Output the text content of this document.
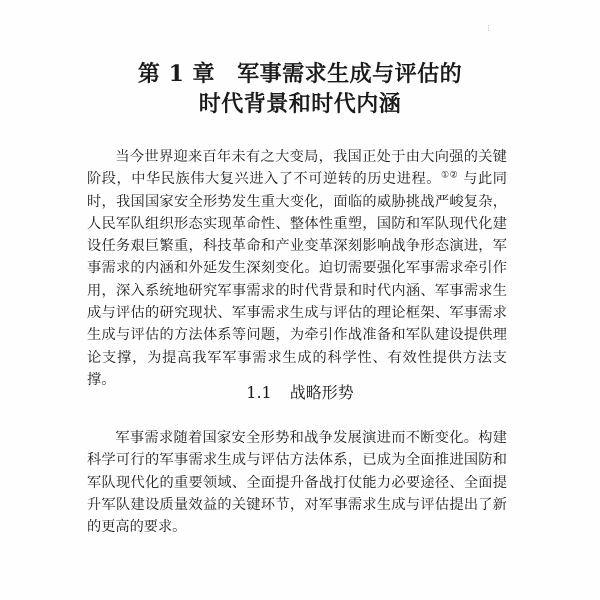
⋮
第 1 章 军事需求生成与评估的
时代背景和时代内涵

当今世界迎来百年未有之大变局，我国正处于由大向强的关键阶段，中华民族伟大复兴进入了不可逆转的历史进程。①② 与此同时，我国国家安全形势发生重大变化，面临的威胁挑战严峻复杂，人民军队组织形态实现革命性、整体性重塑，国防和军队现代化建设任务艰巨繁重，科技革命和产业变革深刻影响战争形态演进，军事需求的内涵和外延发生深刻变化。迫切需要强化军事需求牵引作用，深入系统地研究军事需求的时代背景和时代内涵、军事需求生成与评估的研究现状、军事需求生成与评估的理论框架、军事需求生成与评估的方法体系等问题，为牵引作战准备和军队建设提供理论支撑，为提高我军军事需求生成的科学性、有效性提供方法支撑。

1.1 战略形势

军事需求随着国家安全形势和战争发展演进而不断变化。构建科学可行的军事需求生成与评估方法体系，已成为全面推进国防和军队现代化的重要领域、全面提升备战打仗能力必要途径、全面提升军队建设质量效益的关键环节，对军事需求生成与评估提出了新的更高的要求。
